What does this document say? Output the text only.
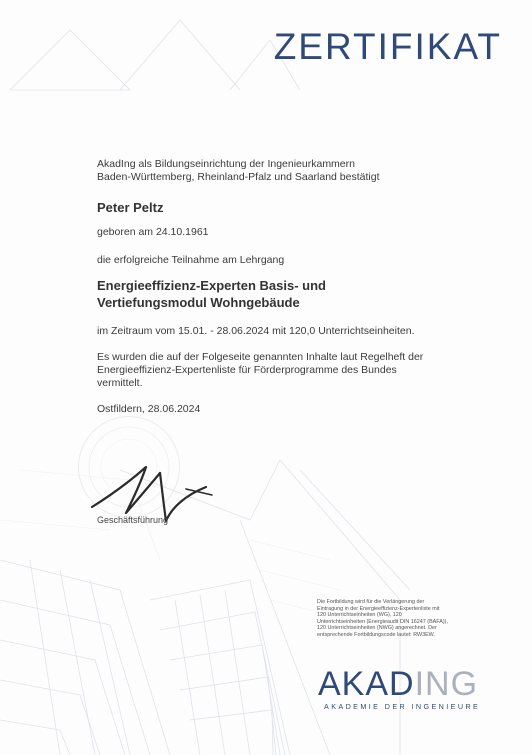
ZERTIFIKAT
AkadIng als Bildungseinrichtung der Ingenieurkammern
Baden-Württemberg, Rheinland-Pfalz und Saarland bestätigt
Peter Peltz
geboren am 24.10.1961
die erfolgreiche Teilnahme am Lehrgang
Energieeffizienz-Experten Basis- und
Vertiefungsmodul Wohngebäude
im Zeitraum vom 15.01. - 28.06.2024 mit 120,0 Unterrichtseinheiten.
Es wurden die auf der Folgeseite genannten Inhalte laut Regelheft der
Energieeffizienz-Expertenliste für Förderprogramme des Bundes
vermittelt.
Ostfildern, 28.06.2024
Geschäftsführung
Die Fortbildung wird für die Verlängerung der
Eintragung in der Energieeffizienz-Expertenliste mit
120 Unterrichtseinheiten (WG), 120
Unterrichtseinheiten (Energieaudit DIN 16247 (BAFA)),
120 Unterrichtseinheiten (NWG) angerechnet. Der
entsprechende Fortbildungscode lautet: RW3EW.
AKADING
AKADEMIE DER INGENIEURE
